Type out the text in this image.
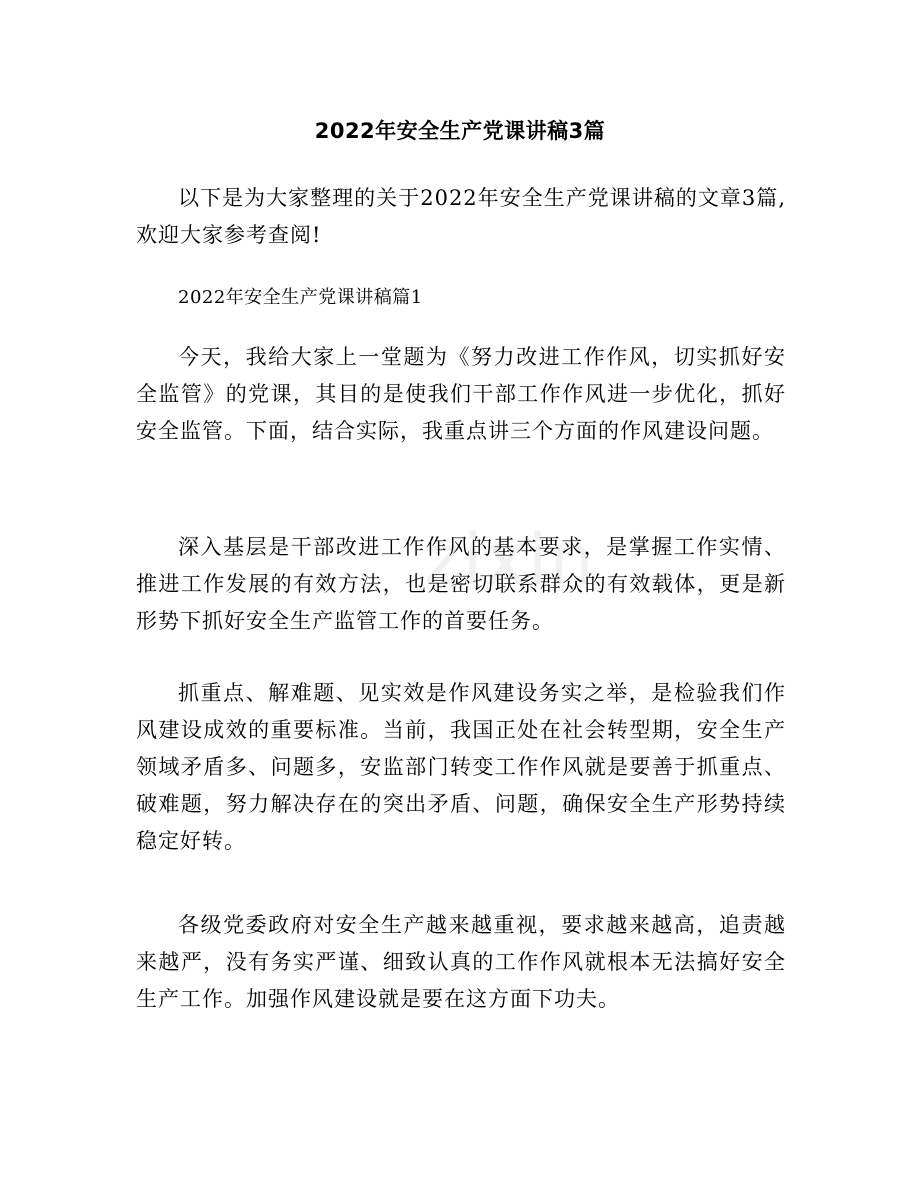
zixin
2022年安全生产党课讲稿3篇

以下是为大家整理的关于2022年安全生产党课讲稿的文章3篇,欢迎大家参考查阅!

2022年安全生产党课讲稿篇1

今天，我给大家上一堂题为《努力改进工作作风，切实抓好安全监管》的党课，其目的是使我们干部工作作风进一步优化，抓好安全监管。下面，结合实际，我重点讲三个方面的作风建设问题。

深入基层是干部改进工作作风的基本要求，是掌握工作实情、推进工作发展的有效方法，也是密切联系群众的有效载体，更是新形势下抓好安全生产监管工作的首要任务。

抓重点、解难题、见实效是作风建设务实之举，是检验我们作风建设成效的重要标准。当前，我国正处在社会转型期，安全生产领域矛盾多、问题多，安监部门转变工作作风就是要善于抓重点、破难题，努力解决存在的突出矛盾、问题，确保安全生产形势持续稳定好转。

各级党委政府对安全生产越来越重视，要求越来越高，追责越来越严，没有务实严谨、细致认真的工作作风就根本无法搞好安全生产工作。加强作风建设就是要在这方面下功夫。
